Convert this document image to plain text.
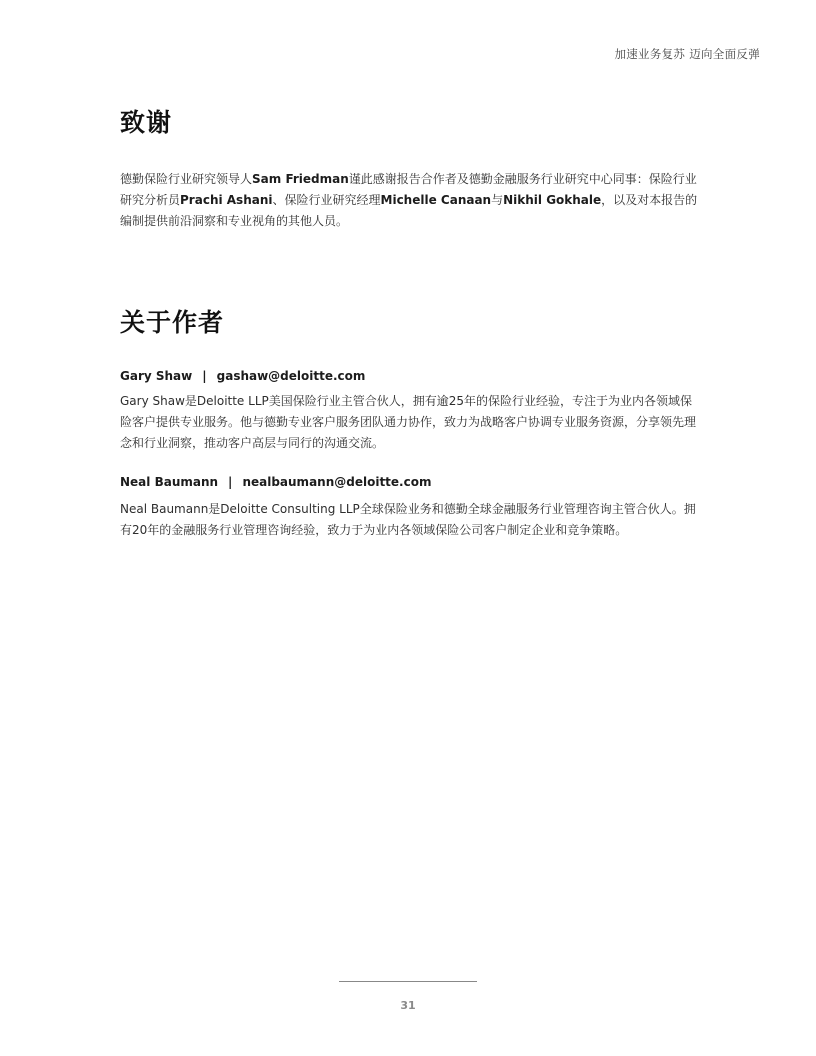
加速业务复苏 迈向全面反弹
致谢

德勤保险行业研究领导人Sam Friedman谨此感谢报告合作者及德勤金融服务行业研究中心同事：保险行业研究分析员Prachi Ashani、保险行业研究经理Michelle Canaan与Nikhil Gokhale，以及对本报告的编制提供前沿洞察和专业视角的其他人员。

关于作者
Gary Shaw | gashaw@deloitte.com

Gary Shaw是Deloitte LLP美国保险行业主管合伙人，拥有逾25年的保险行业经验，专注于为业内各领域保险客户提供专业服务。他与德勤专业客户服务团队通力协作，致力为战略客户协调专业服务资源，分享领先理念和行业洞察，推动客户高层与同行的沟通交流。

Neal Baumann | nealbaumann@deloitte.com

Neal Baumann是Deloitte Consulting LLP全球保险业务和德勤全球金融服务行业管理咨询主管合伙人。拥有20年的金融服务行业管理咨询经验，致力于为业内各领域保险公司客户制定企业和竞争策略。

31
